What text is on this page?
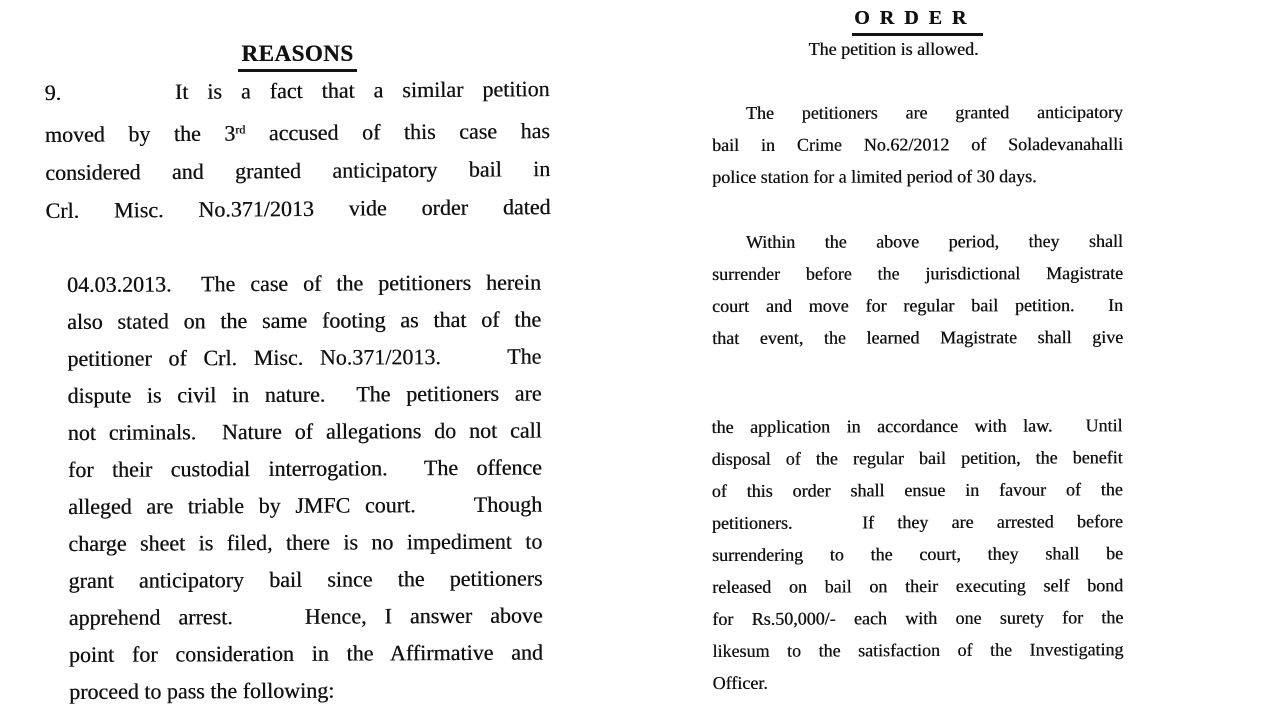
REASONS
9.      It is a fact that a similar petition
moved by the 3rd accused of this case has
considered and granted anticipatory bail in
Crl. Misc. No.371/2013 vide order dated
04.03.2013.  The case of the petitioners herein
also stated on the same footing as that of the
petitioner of Crl. Misc. No.371/2013.    The
dispute is civil in nature.  The petitioners are
not criminals.  Nature of allegations do not call
for their custodial interrogation.  The offence
alleged are triable by JMFC court.    Though
charge sheet is filed, there is no impediment to
grant anticipatory bail since the petitioners
apprehend arrest.    Hence, I answer above
point for consideration in the Affirmative and
proceed to pass the following:
O R D E R
The petition is allowed.
The petitioners are granted anticipatory
bail in Crime No.62/2012 of Soladevanahalli
police station for a limited period of 30 days.
Within the above period, they shall
surrender before the jurisdictional Magistrate
court and move for regular bail petition.  In
that event, the learned Magistrate shall give
the application in accordance with law.  Until
disposal of the regular bail petition, the benefit
of this order shall ensue in favour of the
petitioners.   If they are arrested before
surrendering to the court, they shall be
released on bail on their executing self bond
for Rs.50,000/- each with one surety for the
likesum to the satisfaction of the Investigating
Officer.
